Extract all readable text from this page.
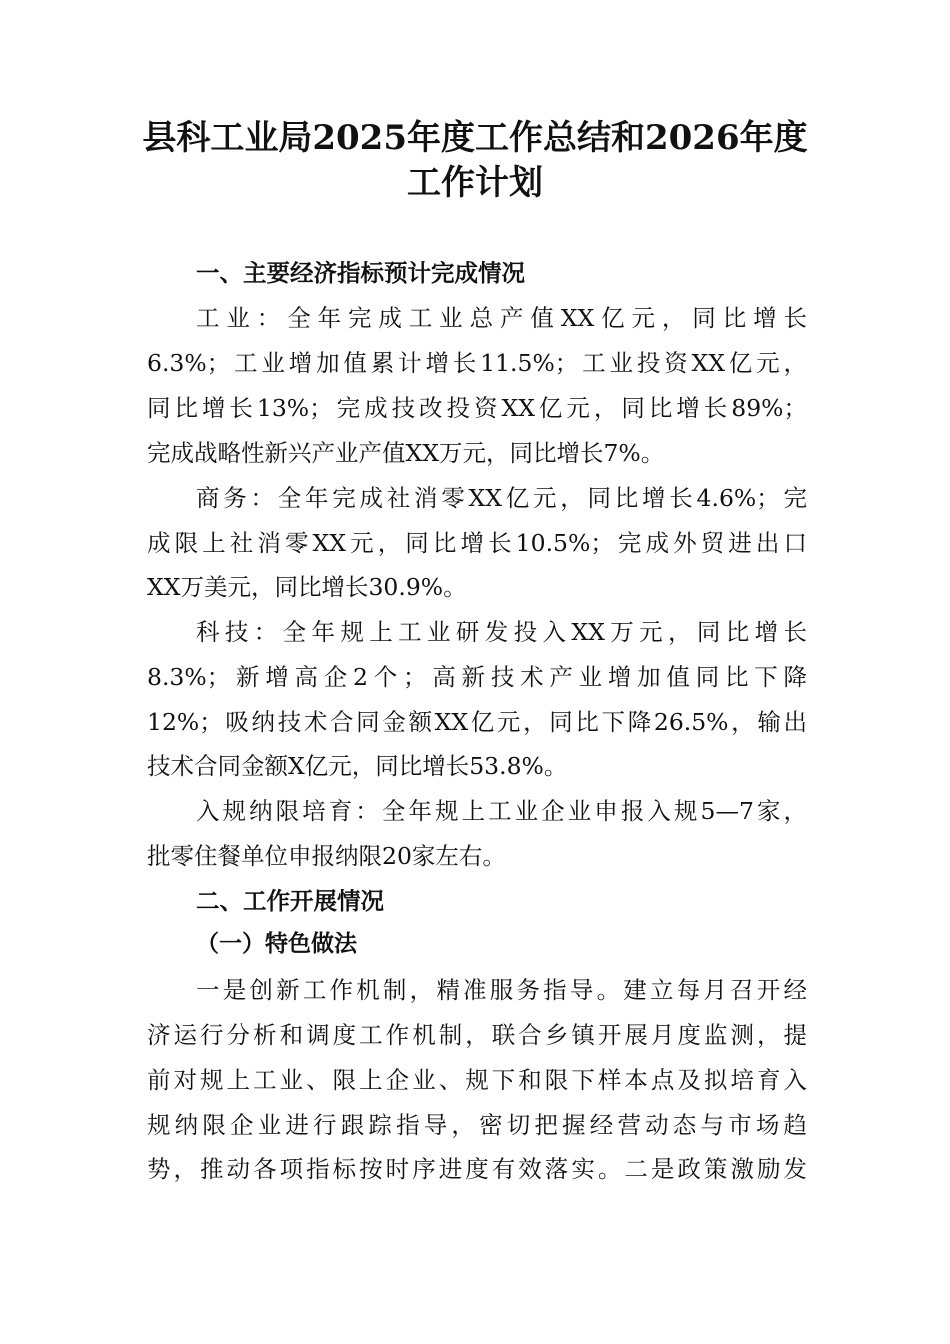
县科工业局2025年度工作总结和2026年度
工作计划
一、主要经济指标预计完成情况

工业：全年完成工业总产值XX亿元，同比增长

6.3%；工业增加值累计增长11.5%；工业投资XX亿元，

同比增长13%；完成技改投资XX亿元，同比增长89%；

完成战略性新兴产业产值XX万元，同比增长7%。

商务：全年完成社消零XX亿元，同比增长4.6%；完

成限上社消零XX元，同比增长10.5%；完成外贸进出口

XX万美元，同比增长30.9%。

科技：全年规上工业研发投入XX万元，同比增长

8.3%；新增高企2个；高新技术产业增加值同比下降

12%；吸纳技术合同金额XX亿元，同比下降26.5%，输出

技术合同金额X亿元，同比增长53.8%。

入规纳限培育：全年规上工业企业申报入规5—7家，

批零住餐单位申报纳限20家左右。

二、工作开展情况
（一）特色做法

一是创新工作机制，精准服务指导。建立每月召开经

济运行分析和调度工作机制，联合乡镇开展月度监测，提

前对规上工业、限上企业、规下和限下样本点及拟培育入

规纳限企业进行跟踪指导，密切把握经营动态与市场趋

势，推动各项指标按时序进度有效落实。二是政策激励发
